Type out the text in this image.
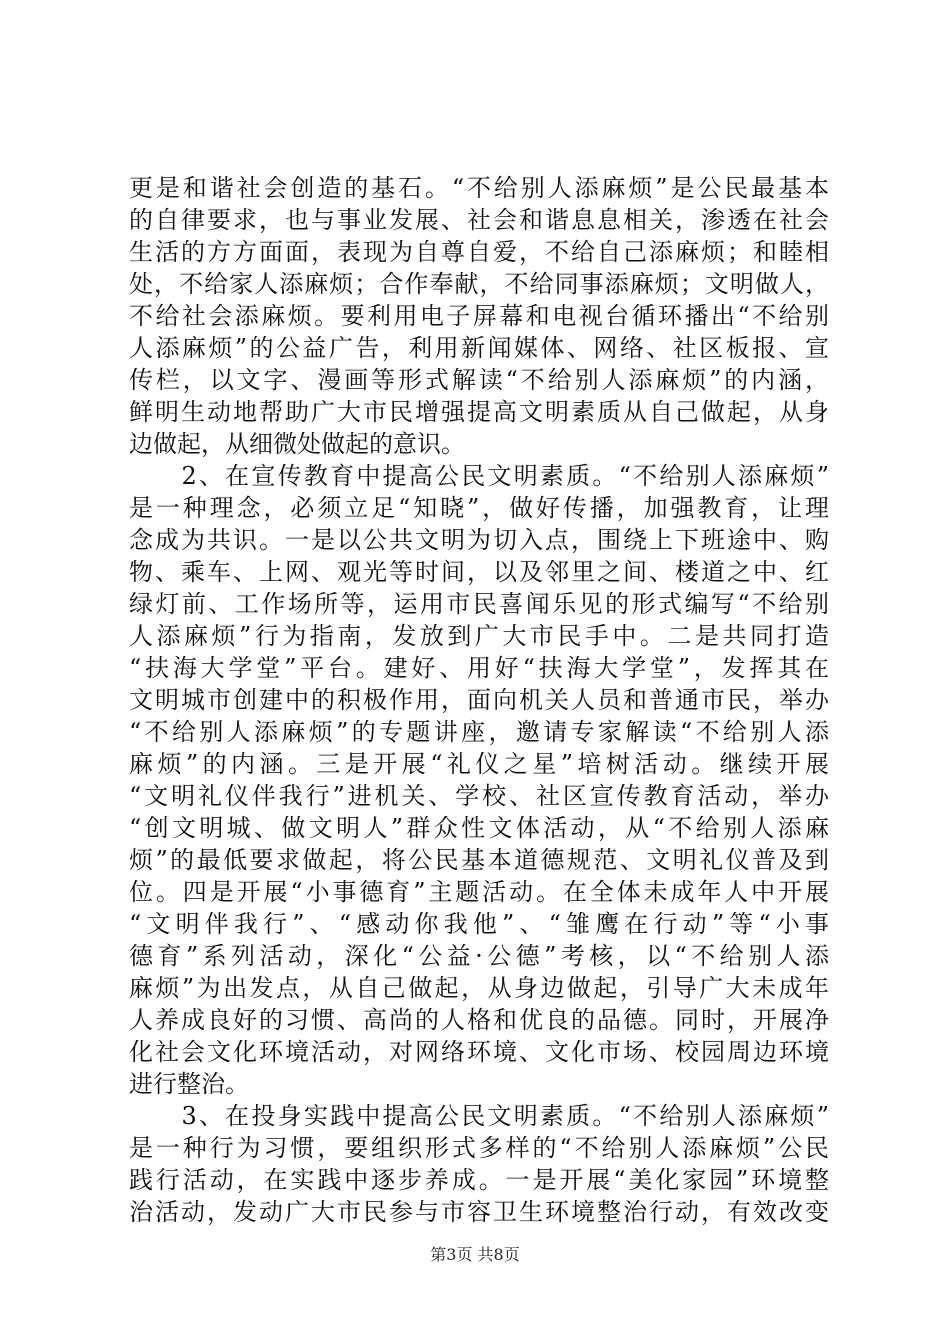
更是和谐社会创造的基石。“不给别人添麻烦”是公民最基本
的自律要求，也与事业发展、社会和谐息息相关，渗透在社会
生活的方方面面，表现为自尊自爱，不给自己添麻烦；和睦相
处，不给家人添麻烦；合作奉献，不给同事添麻烦；文明做人，
不给社会添麻烦。要利用电子屏幕和电视台循环播出“不给别
人添麻烦”的公益广告，利用新闻媒体、网络、社区板报、宣
传栏，以文字、漫画等形式解读“不给别人添麻烦”的内涵，
鲜明生动地帮助广大市民增强提高文明素质从自己做起，从身
边做起，从细微处做起的意识。
　　2、在宣传教育中提高公民文明素质。“不给别人添麻烦”
是一种理念，必须立足“知晓”，做好传播，加强教育，让理
念成为共识。一是以公共文明为切入点，围绕上下班途中、购
物、乘车、上网、观光等时间，以及邻里之间、楼道之中、红
绿灯前、工作场所等，运用市民喜闻乐见的形式编写“不给别
人添麻烦”行为指南，发放到广大市民手中。二是共同打造
“扶海大学堂”平台。建好、用好“扶海大学堂”，发挥其在
文明城市创建中的积极作用，面向机关人员和普通市民，举办
“不给别人添麻烦”的专题讲座，邀请专家解读“不给别人添
麻烦”的内涵。三是开展“礼仪之星”培树活动。继续开展
“文明礼仪伴我行”进机关、学校、社区宣传教育活动，举办
“创文明城、做文明人”群众性文体活动，从“不给别人添麻
烦”的最低要求做起，将公民基本道德规范、文明礼仪普及到
位。四是开展“小事德育”主题活动。在全体未成年人中开展
“文明伴我行”、“感动你我他”、“雏鹰在行动”等“小事
德育”系列活动，深化“公益·公德”考核，以“不给别人添
麻烦”为出发点，从自己做起，从身边做起，引导广大未成年
人养成良好的习惯、高尚的人格和优良的品德。同时，开展净
化社会文化环境活动，对网络环境、文化市场、校园周边环境
进行整治。
　　3、在投身实践中提高公民文明素质。“不给别人添麻烦”
是一种行为习惯，要组织形式多样的“不给别人添麻烦”公民
践行活动，在实践中逐步养成。一是开展“美化家园”环境整
治活动，发动广大市民参与市容卫生环境整治行动，有效改变
第3页 共8页
